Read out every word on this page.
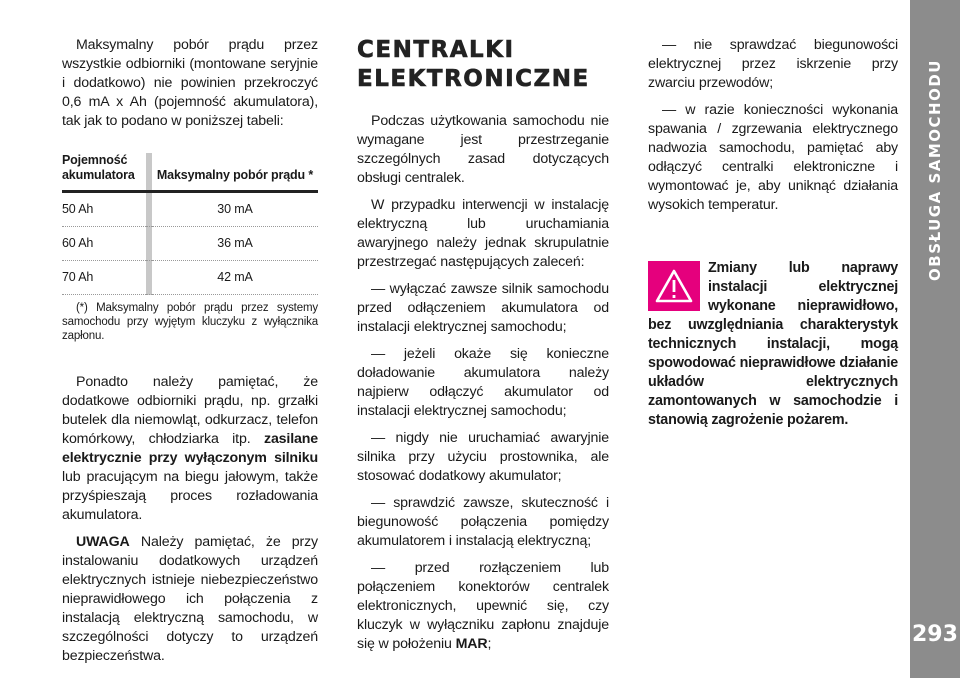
Maksymalny pobór prądu przez wszystkie odbiorniki (montowane seryjnie i dodatkowo) nie powinien przekroczyć 0,6 mA x Ah (pojemność akumulatora), tak jak to podano w poniższej tabeli:

Pojemność akumulatora		Maksymalny pobór prądu *
50 Ah		30 mA
60 Ah		36 mA
70 Ah		42 mA

(*) Maksymalny pobór prądu przez systemy samochodu przy wyjętym kluczyku z wyłącznika zapłonu.

Ponadto należy pamiętać, że dodatkowe odbiorniki prądu, np. grzałki butelek dla niemowląt, odkurzacz, telefon komórkowy, chłodziarka itp. zasilane elektrycznie przy wyłączonym silniku lub pracującym na biegu jałowym, także przyśpieszają proces rozładowania akumulatora.

UWAGA Należy pamiętać, że przy instalowaniu dodatkowych urządzeń elektrycznych istnieje niebezpieczeństwo nieprawidłowego ich połączenia z instalacją elektryczną samochodu, w szczególności dotyczy to urządzeń bezpieczeństwa.

CENTRALKI
ELEKTRONICZNE

Podczas użytkowania samochodu nie wymagane jest przestrzeganie szczególnych zasad dotyczących obsługi centralek.

W przypadku interwencji w instalację elektryczną lub uruchamiania awaryjnego należy jednak skrupulatnie przestrzegać następujących zaleceń:

— wyłączać zawsze silnik samochodu przed odłączeniem akumulatora od instalacji elektrycznej samochodu;

— jeżeli okaże się konieczne doładowanie akumulatora należy najpierw odłączyć akumulator od instalacji elektrycznej samochodu;

— nigdy nie uruchamiać awaryjnie silnika przy użyciu prostownika, ale stosować dodatkowy akumulator;

— sprawdzić zawsze, skuteczność i biegunowość połączenia pomiędzy akumulatorem i instalacją elektryczną;

— przed rozłączeniem lub połączeniem konektorów centralek elektronicznych, upewnić się, czy kluczyk w wyłączniku zapłonu znajduje się w położeniu MAR;

— nie sprawdzać biegunowości elektrycznej przez iskrzenie przy zwarciu przewodów;

— w razie konieczności wykonania spawania / zgrzewania elektrycznego nadwozia samochodu, pamiętać aby odłączyć centralki elektroniczne i wymontować je, aby uniknąć działania wysokich temperatur.

Zmiany lub naprawy instalacji elektrycznej wykonane nieprawidłowo, bez uwzględniania charakterystyk technicznych instalacji, mogą spowodować nieprawidłowe działanie układów elektrycznych zamontowanych w samochodzie i stanowią zagrożenie pożarem.
OBSŁUGA SAMOCHODU
293
